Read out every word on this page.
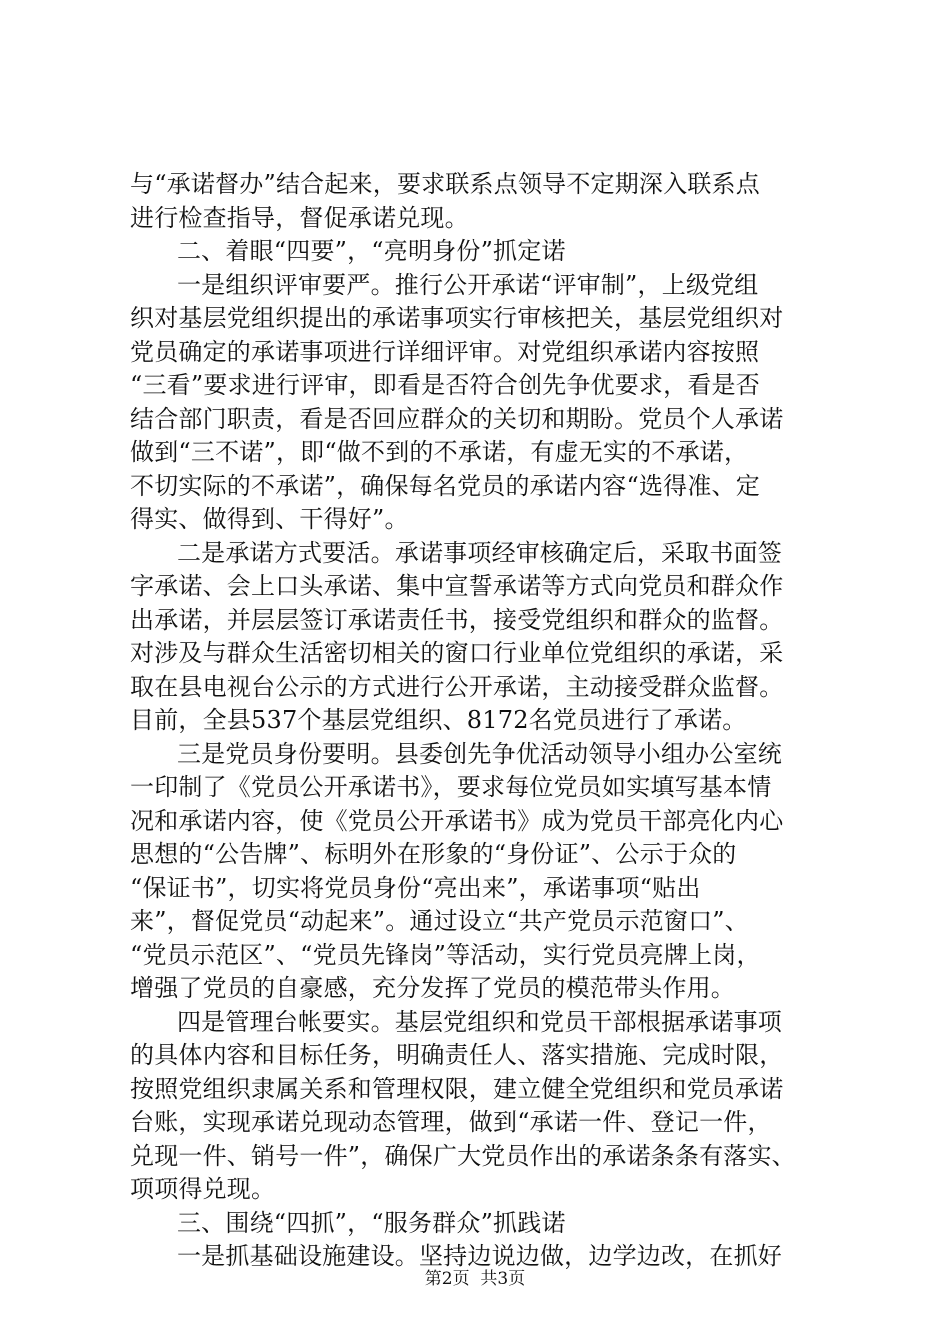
与“承诺督办”结合起来，要求联系点领导不定期深入联系点
进行检查指导，督促承诺兑现。
二、着眼“四要”，“亮明身份”抓定诺
一是组织评审要严。推行公开承诺“评审制”，上级党组
织对基层党组织提出的承诺事项实行审核把关，基层党组织对
党员确定的承诺事项进行详细评审。对党组织承诺内容按照
“三看”要求进行评审，即看是否符合创先争优要求，看是否
结合部门职责，看是否回应群众的关切和期盼。党员个人承诺
做到“三不诺”，即“做不到的不承诺，有虚无实的不承诺，
不切实际的不承诺”，确保每名党员的承诺内容“选得准、定
得实、做得到、干得好”。
二是承诺方式要活。承诺事项经审核确定后，采取书面签
字承诺、会上口头承诺、集中宣誓承诺等方式向党员和群众作
出承诺，并层层签订承诺责任书，接受党组织和群众的监督。
对涉及与群众生活密切相关的窗口行业单位党组织的承诺，采
取在县电视台公示的方式进行公开承诺，主动接受群众监督。
目前，全县537个基层党组织、8172名党员进行了承诺。
三是党员身份要明。县委创先争优活动领导小组办公室统
一印制了《党员公开承诺书》，要求每位党员如实填写基本情
况和承诺内容，使《党员公开承诺书》成为党员干部亮化内心
思想的“公告牌”、标明外在形象的“身份证”、公示于众的
“保证书”，切实将党员身份“亮出来”，承诺事项“贴出
来”，督促党员“动起来”。通过设立“共产党员示范窗口”、
“党员示范区”、“党员先锋岗”等活动，实行党员亮牌上岗，
增强了党员的自豪感，充分发挥了党员的模范带头作用。
四是管理台帐要实。基层党组织和党员干部根据承诺事项
的具体内容和目标任务，明确责任人、落实措施、完成时限，
按照党组织隶属关系和管理权限，建立健全党组织和党员承诺
台账，实现承诺兑现动态管理，做到“承诺一件、登记一件，
兑现一件、销号一件”，确保广大党员作出的承诺条条有落实、
项项得兑现。
三、围绕“四抓”，“服务群众”抓践诺
一是抓基础设施建设。坚持边说边做，边学边改，在抓好
第2页  共3页
